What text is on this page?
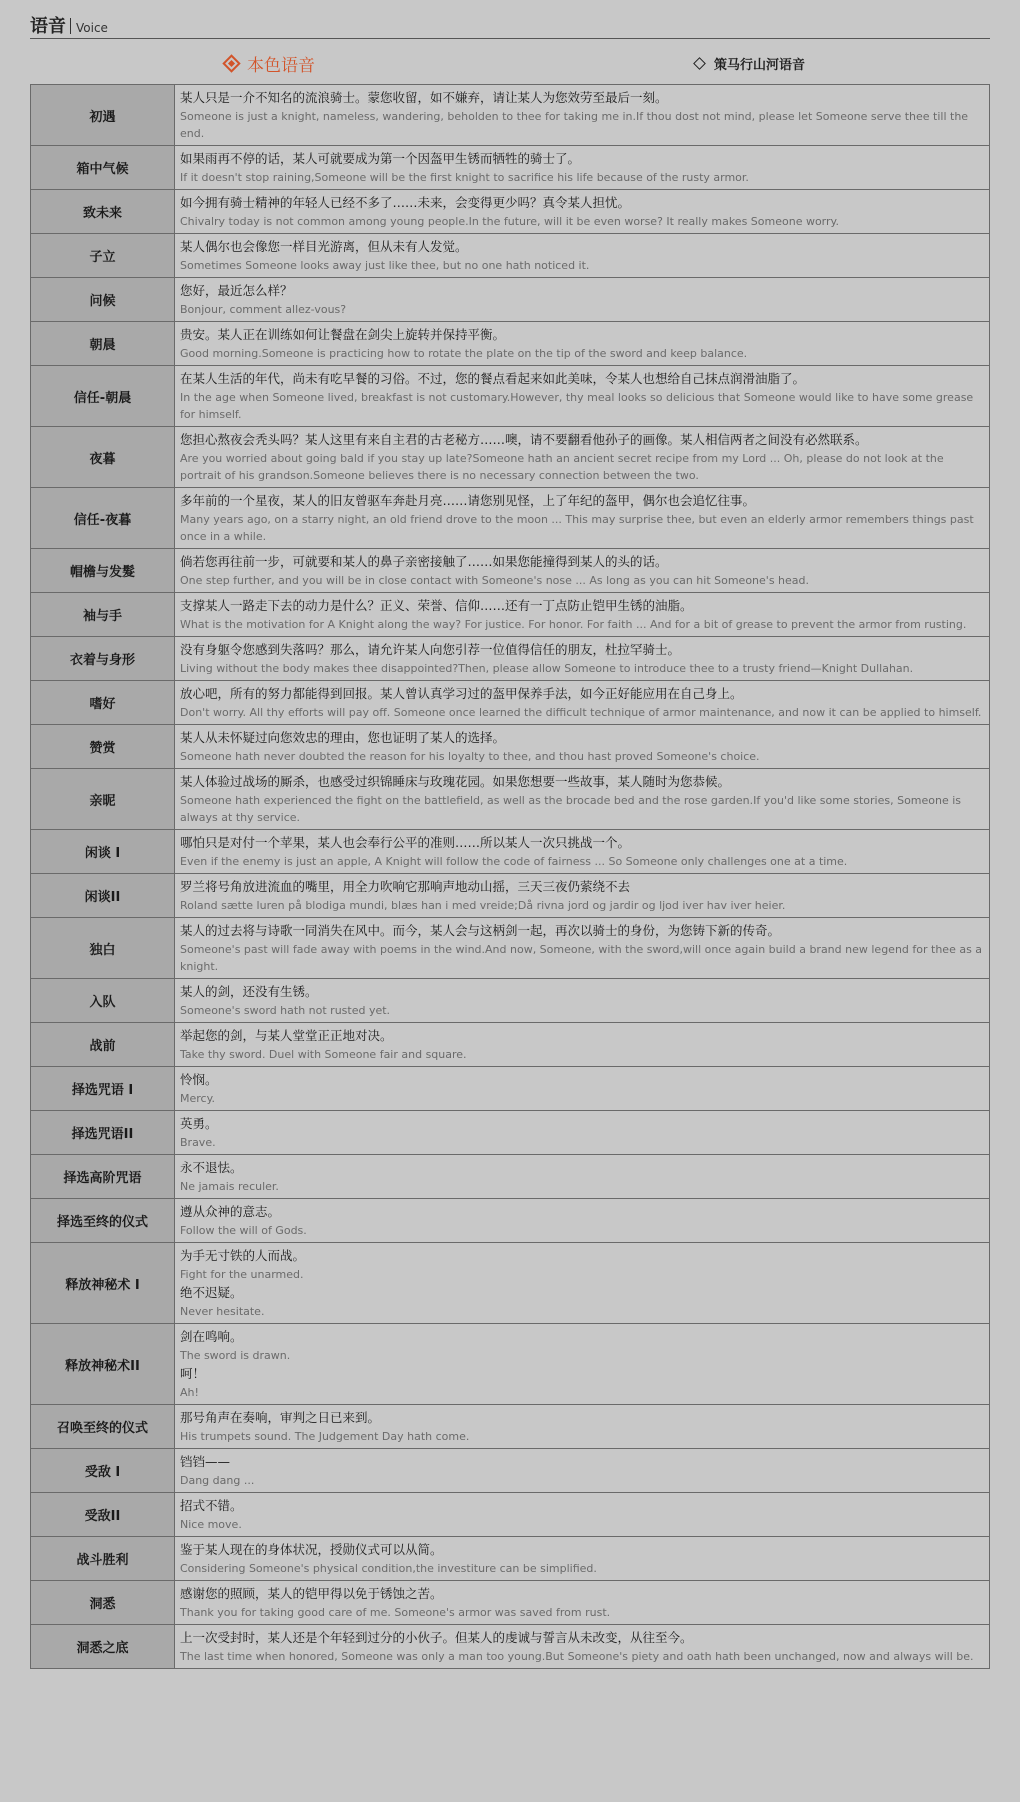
语音 Voice
本色语音	策马行山河语音
初遇	某人只是一介不知名的流浪骑士。蒙您收留，如不嫌弃，请让某人为您效劳至最后一刻。
Someone is just a knight, nameless, wandering, beholden to thee for taking me in.If thou dost not mind, please let Someone serve thee till the end.

箱中气候	如果雨再不停的话，某人可就要成为第一个因盔甲生锈而牺牲的骑士了。
If it doesn't stop raining,Someone will be the first knight to sacrifice his life because of the rusty armor.

致未来	如今拥有骑士精神的年轻人已经不多了……未来，会变得更少吗？真令某人担忧。
Chivalry today is not common among young people.In the future, will it be even worse? It really makes Someone worry.

子立	某人偶尔也会像您一样目光游离，但从未有人发觉。
Sometimes Someone looks away just like thee, but no one hath noticed it.

问候	您好，最近怎么样？
Bonjour, comment allez-vous?

朝晨	贵安。某人正在训练如何让餐盘在剑尖上旋转并保持平衡。
Good morning.Someone is practicing how to rotate the plate on the tip of the sword and keep balance.

信任-朝晨	在某人生活的年代，尚未有吃早餐的习俗。不过，您的餐点看起来如此美味，令某人也想给自己抹点润滑油脂了。
In the age when Someone lived, breakfast is not customary.However, thy meal looks so delicious that Someone would like to have some grease for himself.

夜暮	您担心熬夜会秃头吗？某人这里有来自主君的古老秘方……噢，请不要翻看他孙子的画像。某人相信两者之间没有必然联系。
Are you worried about going bald if you stay up late?Someone hath an ancient secret recipe from my Lord ... Oh, please do not look at the portrait of his grandson.Someone believes there is no necessary connection between the two.

信任-夜暮	多年前的一个星夜，某人的旧友曾驱车奔赴月亮……请您别见怪，上了年纪的盔甲，偶尔也会追忆往事。
Many years ago, on a starry night, an old friend drove to the moon ... This may surprise thee, but even an elderly armor remembers things past once in a while.

帽檐与发髮	倘若您再往前一步，可就要和某人的鼻子亲密接触了……如果您能撞得到某人的头的话。
One step further, and you will be in close contact with Someone's nose ... As long as you can hit Someone's head.

袖与手	支撑某人一路走下去的动力是什么？正义、荣誉、信仰……还有一丁点防止铠甲生锈的油脂。
What is the motivation for A Knight along the way? For justice. For honor. For faith ... And for a bit of grease to prevent the armor from rusting.

衣着与身形	没有身躯令您感到失落吗？那么，请允许某人向您引荐一位值得信任的朋友，杜拉罕骑士。
Living without the body makes thee disappointed?Then, please allow Someone to introduce thee to a trusty friend—Knight Dullahan.

嗜好	放心吧，所有的努力都能得到回报。某人曾认真学习过的盔甲保养手法，如今正好能应用在自己身上。
Don't worry. All thy efforts will pay off. Someone once learned the difficult technique of armor maintenance, and now it can be applied to himself.

赞赏	某人从未怀疑过向您效忠的理由，您也证明了某人的选择。
Someone hath never doubted the reason for his loyalty to thee, and thou hast proved Someone's choice.

亲昵	某人体验过战场的厮杀，也感受过织锦睡床与玫瑰花园。如果您想要一些故事，某人随时为您恭候。
Someone hath experienced the fight on the battlefield, as well as the brocade bed and the rose garden.If you'd like some stories, Someone is always at thy service.

闲谈 I	哪怕只是对付一个苹果，某人也会奉行公平的准则……所以某人一次只挑战一个。
Even if the enemy is just an apple, A Knight will follow the code of fairness ... So Someone only challenges one at a time.

闲谈II	罗兰将号角放进流血的嘴里，用全力吹响它那响声地动山摇，三天三夜仍萦绕不去
Roland sætte luren på blodiga mundi, blæs han i med vreide;Då rivna jord og jardir og ljod iver hav iver heier.

独白	某人的过去将与诗歌一同消失在风中。而今，某人会与这柄剑一起，再次以骑士的身份，为您铸下新的传奇。
Someone's past will fade away with poems in the wind.And now, Someone, with the sword,will once again build a brand new legend for thee as a knight.

入队	某人的剑，还没有生锈。
Someone's sword hath not rusted yet.

战前	举起您的剑，与某人堂堂正正地对决。
Take thy sword. Duel with Someone fair and square.

择选咒语 I	怜悯。
Mercy.

择选咒语II	英勇。
Brave.

择选高阶咒语	永不退怯。
Ne jamais reculer.

择选至终的仪式	遵从众神的意志。
Follow the will of Gods.

释放神秘术 I	为手无寸铁的人而战。
Fight for the unarmed.
绝不迟疑。
Never hesitate.

释放神秘术II	剑在鸣响。
The sword is drawn.
呵！
Ah!

召唤至终的仪式	那号角声在奏响，审判之日已来到。
His trumpets sound. The Judgement Day hath come.

受敌 I	铛铛——
Dang dang ...

受敌II	招式不错。
Nice move.

战斗胜利	鉴于某人现在的身体状况，授勋仪式可以从简。
Considering Someone's physical condition,the investiture can be simplified.

洞悉	感谢您的照顾，某人的铠甲得以免于锈蚀之苦。
Thank you for taking good care of me. Someone's armor was saved from rust.

洞悉之底	上一次受封时，某人还是个年轻到过分的小伙子。但某人的虔诚与誓言从未改变，从往至今。
The last time when honored, Someone was only a man too young.But Someone's piety and oath hath been unchanged, now and always will be.
